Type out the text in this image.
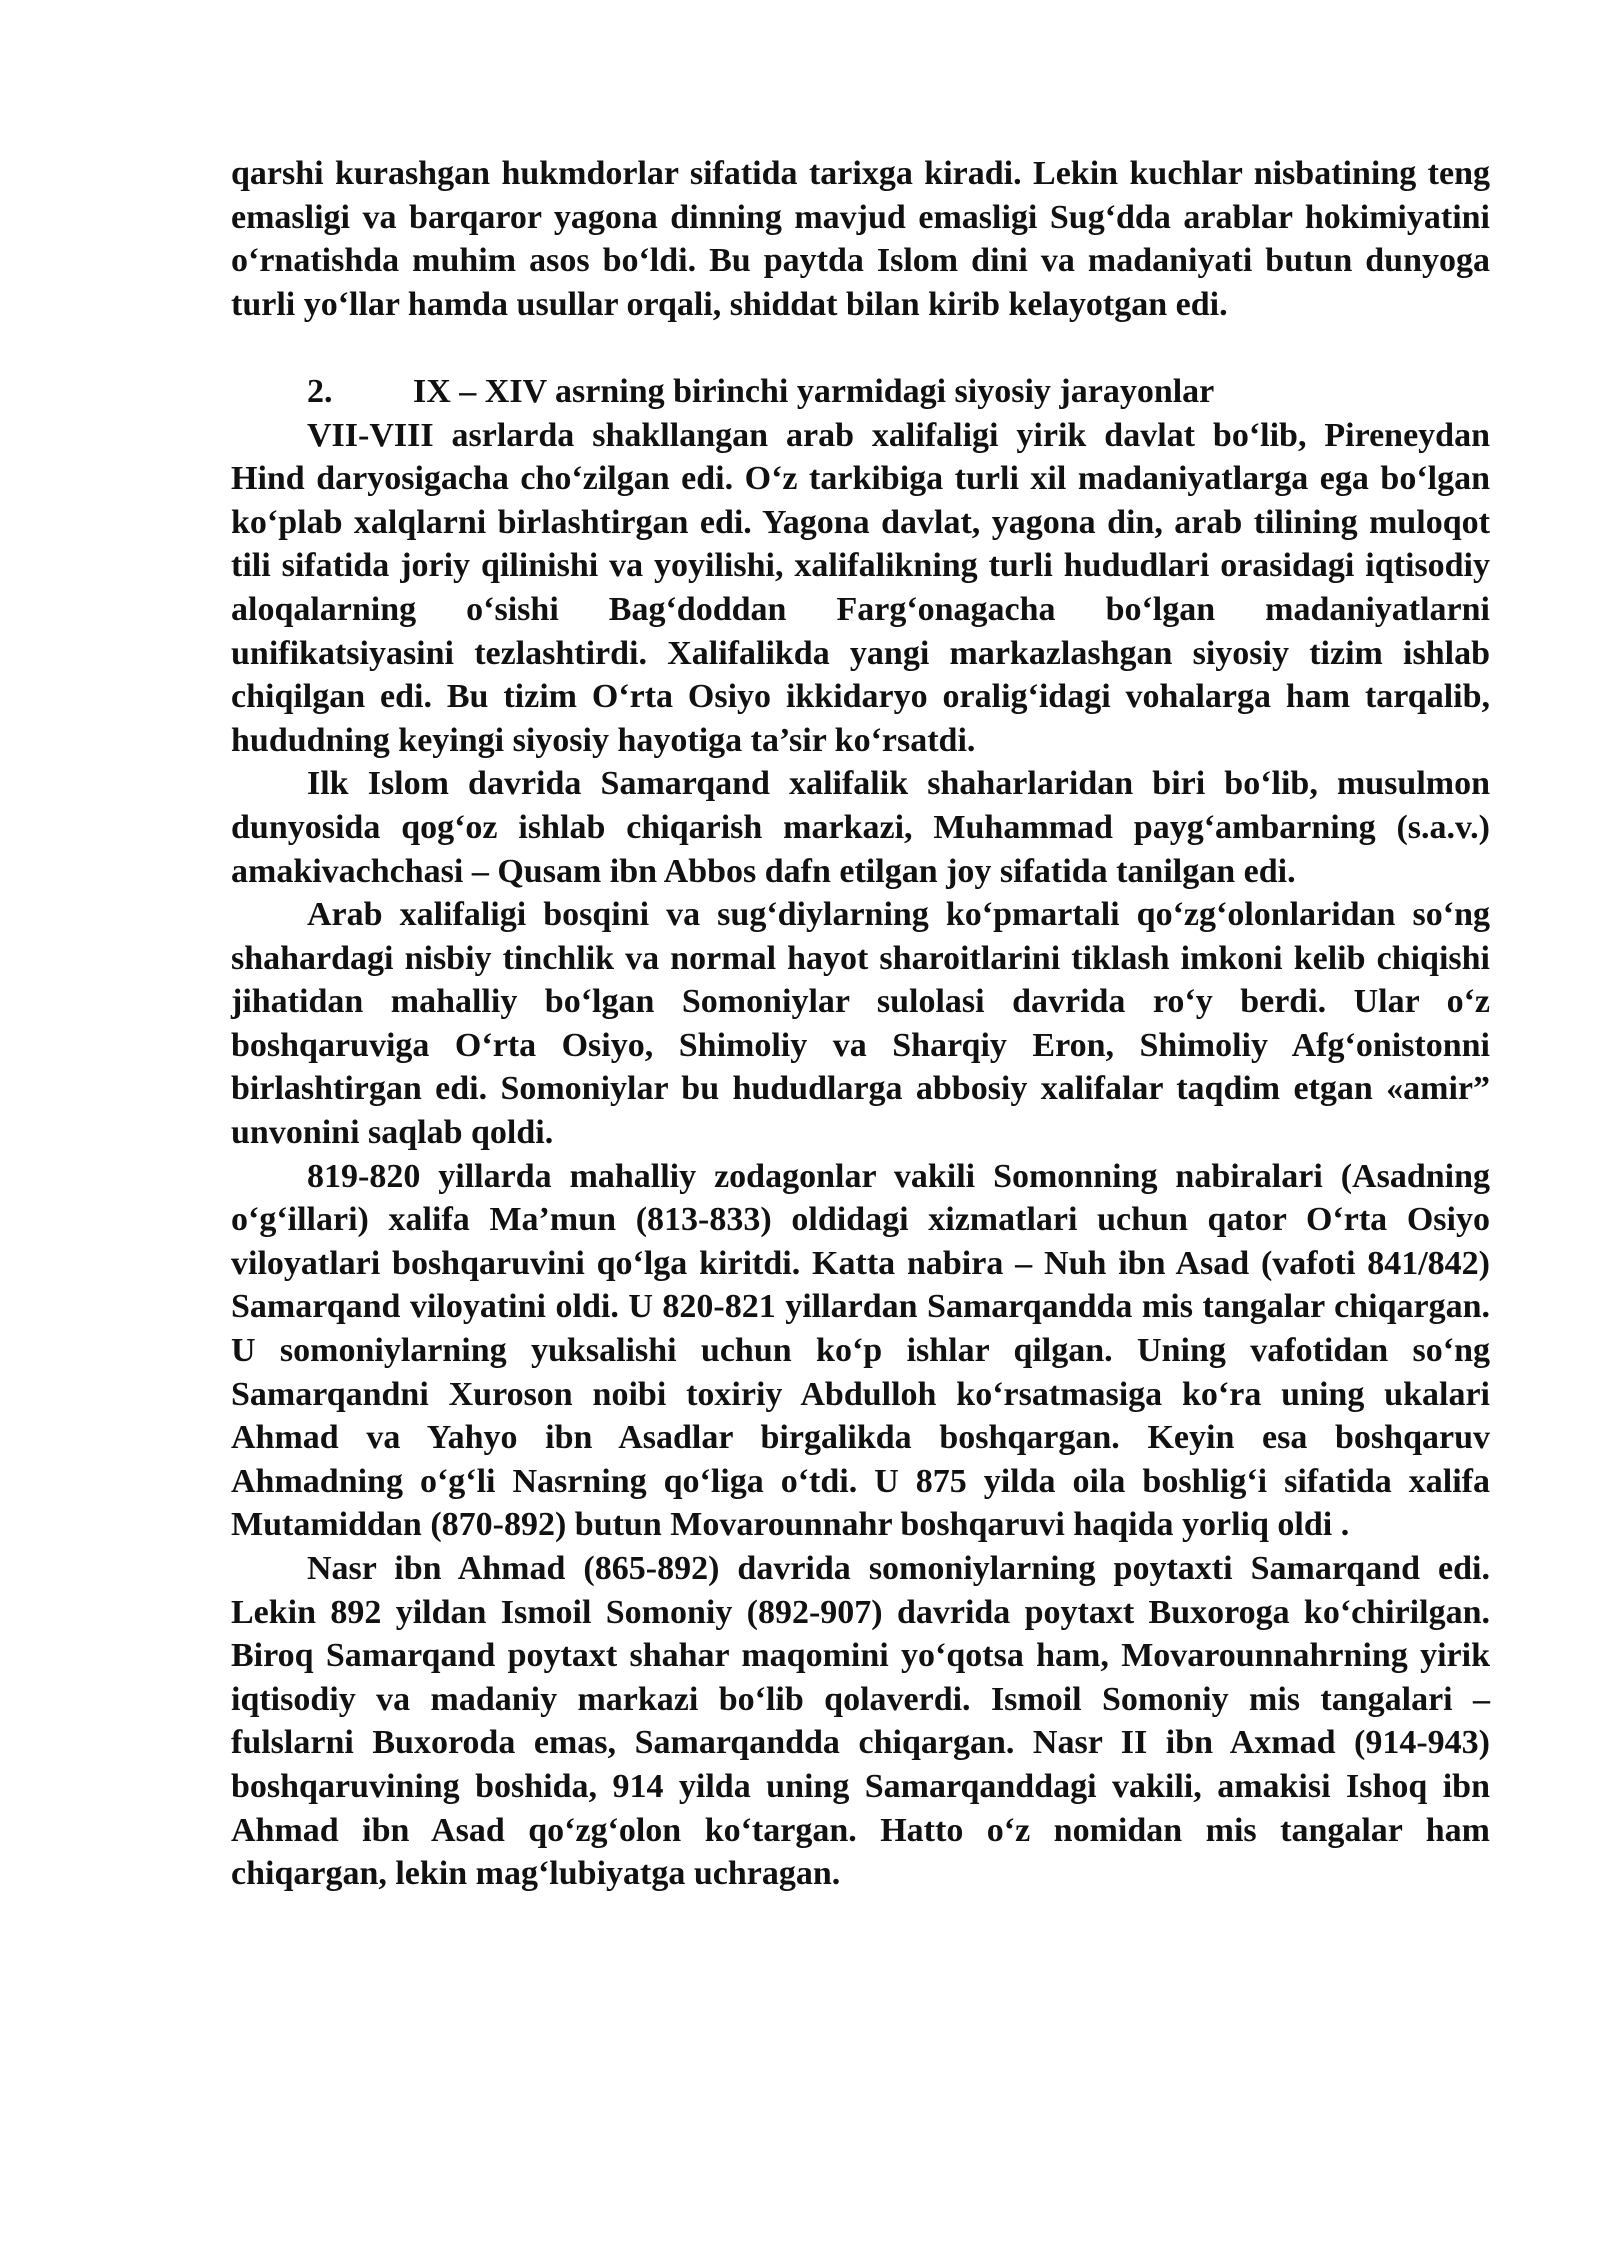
qarshi kurashgan hukmdorlar sifatida tarixga kiradi. Lekin kuchlar nisbatining teng emasligi va barqaror yagona dinning mavjud emasligi Sug‘dda arablar hokimiyatini o‘rnatishda muhim asos bo‘ldi. Bu paytda Islom dini va madaniyati butun dunyoga turli yo‘llar hamda usullar orqali, shiddat bilan kirib kelayotgan edi.

2. IX – XIV asrning birinchi yarmidagi siyosiy jarayonlar

VII-VIII asrlarda shakllangan arab xalifaligi yirik davlat bo‘lib, Pireneydan Hind daryosigacha cho‘zilgan edi. O‘z tarkibiga turli xil madaniyatlarga ega bo‘lgan ko‘plab xalqlarni birlashtirgan edi. Yagona davlat, yagona din, arab tilining muloqot tili sifatida joriy qilinishi va yoyilishi, xalifalikning turli hududlari orasidagi iqtisodiy aloqalarning o‘sishi Bag‘doddan Farg‘onagacha bo‘lgan madaniyatlarni unifikatsiyasini tezlashtirdi. Xalifalikda yangi markazlashgan siyosiy tizim ishlab chiqilgan edi. Bu tizim O‘rta Osiyo ikkidaryo oralig‘idagi vohalarga ham tarqalib, hududning keyingi siyosiy hayotiga ta’sir ko‘rsatdi.

Ilk Islom davrida Samarqand xalifalik shaharlaridan biri bo‘lib, musulmon dunyosida qog‘oz ishlab chiqarish markazi, Muhammad payg‘ambarning (s.a.v.) amakivachchasi – Qusam ibn Abbos dafn etilgan joy sifatida tanilgan edi.

Arab xalifaligi bosqini va sug‘diylarning ko‘pmartali qo‘zg‘olonlaridan so‘ng shahardagi nisbiy tinchlik va normal hayot sharoitlarini tiklash imkoni kelib chiqishi jihatidan mahalliy bo‘lgan Somoniylar sulolasi davrida ro‘y berdi. Ular o‘z boshqaruviga O‘rta Osiyo, Shimoliy va Sharqiy Eron, Shimoliy Afg‘onistonni birlashtirgan edi. Somoniylar bu hududlarga abbosiy xalifalar taqdim etgan «amir” unvonini saqlab qoldi.

819-820 yillarda mahalliy zodagonlar vakili Somonning nabiralari (Asadning o‘g‘illari) xalifa Ma’mun (813-833) oldidagi xizmatlari uchun qator O‘rta Osiyo viloyatlari boshqaruvini qo‘lga kiritdi. Katta nabira – Nuh ibn Asad (vafoti 841/842) Samarqand viloyatini oldi. U 820-821 yillardan Samarqandda mis tangalar chiqargan. U somoniylarning yuksalishi uchun ko‘p ishlar qilgan. Uning vafotidan so‘ng Samarqandni Xuroson noibi toxiriy Abdulloh ko‘rsatmasiga ko‘ra uning ukalari Ahmad va Yahyo ibn Asadlar birgalikda boshqargan. Keyin esa boshqaruv Ahmadning o‘g‘li Nasrning qo‘liga o‘tdi. U 875 yilda oila boshlig‘i sifatida xalifa Mutamiddan (870-892) butun Movarounnahr boshqaruvi haqida yorliq oldi .

Nasr ibn Ahmad (865-892) davrida somoniylarning poytaxti Samarqand edi. Lekin 892 yildan Ismoil Somoniy (892-907) davrida poytaxt Buxoroga ko‘chirilgan. Biroq Samarqand poytaxt shahar maqomini yo‘qotsa ham, Movarounnahrning yirik iqtisodiy va madaniy markazi bo‘lib qolaverdi. Ismoil Somoniy mis tangalari – fulslarni Buxoroda emas, Samarqandda chiqargan. Nasr II ibn Axmad (914-943) boshqaruvining boshida, 914 yilda uning Samarqanddagi vakili, amakisi Ishoq ibn Ahmad ibn Asad qo‘zg‘olon ko‘targan. Hatto o‘z nomidan mis tangalar ham chiqargan, lekin mag‘lubiyatga uchragan.
